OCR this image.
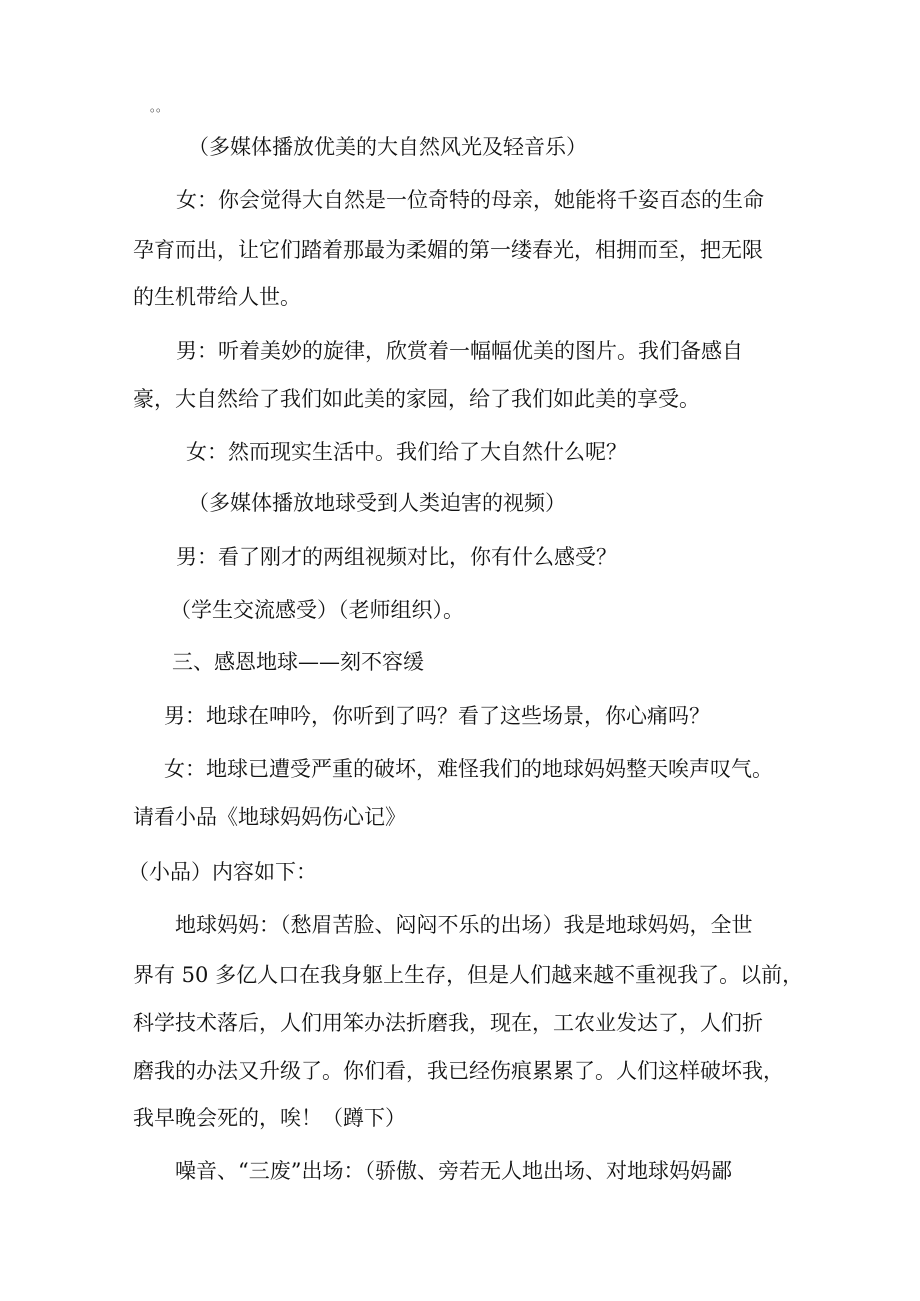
。。
（多媒体播放优美的大自然风光及轻音乐）
女：你会觉得大自然是一位奇特的母亲，她能将千姿百态的生命
孕育而出，让它们踏着那最为柔媚的第一缕春光，相拥而至，把无限
的生机带给人世。
男：听着美妙的旋律，欣赏着一幅幅优美的图片。我们备感自
豪，大自然给了我们如此美的家园，给了我们如此美的享受。
女：然而现实生活中。我们给了大自然什么呢？
（多媒体播放地球受到人类迫害的视频）
男：看了刚才的两组视频对比，你有什么感受？
（学生交流感受）（老师组织）。
三、感恩地球——刻不容缓
男：地球在呻吟，你听到了吗？看了这些场景，你心痛吗？
女：地球已遭受严重的破坏，难怪我们的地球妈妈整天唉声叹气。
请看小品《地球妈妈伤心记》
（小品）内容如下：
地球妈妈：（愁眉苦脸、闷闷不乐的出场）我是地球妈妈，全世
界有 50 多亿人口在我身躯上生存，但是人们越来越不重视我了。以前，
科学技术落后，人们用笨办法折磨我，现在，工农业发达了，人们折
磨我的办法又升级了。你们看，我已经伤痕累累了。人们这样破坏我，
我早晚会死的，唉！（蹲下）
噪音、“三废”出场：（骄傲、旁若无人地出场、对地球妈妈鄙
